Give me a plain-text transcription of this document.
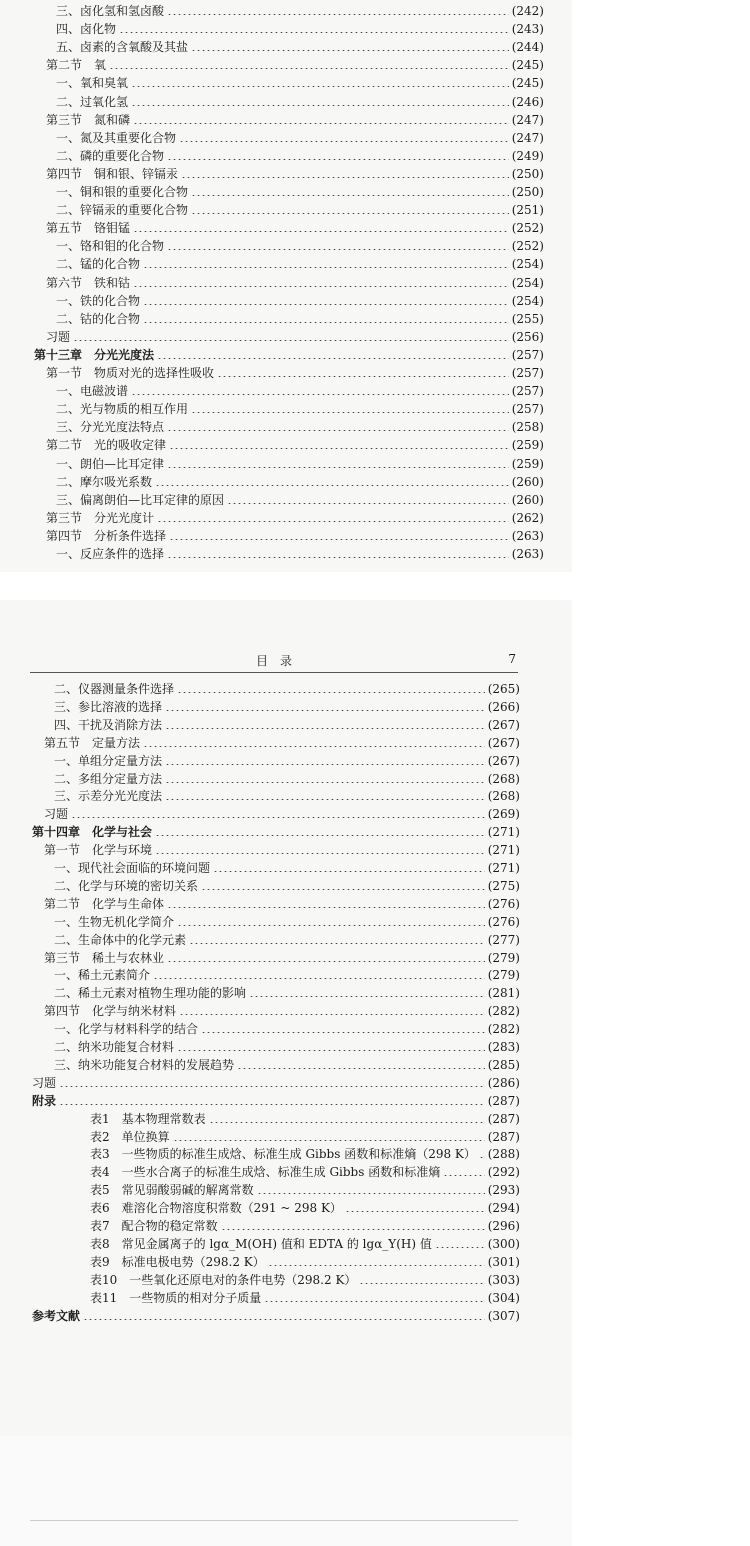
三、卤化氢和氢卤酸	(242)
四、卤化物	(243)
五、卤素的含氧酸及其盐	(244)
第二节　氧	(245)
一、氧和臭氧	(245)
二、过氧化氢	(246)
第三节　氮和磷	(247)
一、氮及其重要化合物	(247)
二、磷的重要化合物	(249)
第四节　铜和银、锌镉汞	(250)
一、铜和银的重要化合物	(250)
二、锌镉汞的重要化合物	(251)
第五节　铬钼锰	(252)
一、铬和钼的化合物	(252)
二、锰的化合物	(254)
第六节　铁和钴	(254)
一、铁的化合物	(254)
二、钴的化合物	(255)
习题	(256)
第十三章　分光光度法	(257)
第一节　物质对光的选择性吸收	(257)
一、电磁波谱	(257)
二、光与物质的相互作用	(257)
三、分光光度法特点	(258)
第二节　光的吸收定律	(259)
一、朗伯—比耳定律	(259)
二、摩尔吸光系数	(260)
三、偏离朗伯—比耳定律的原因	(260)
第三节　分光光度计	(262)
第四节　分析条件选择	(263)
一、反应条件的选择	(263)
目　录	7
二、仪器测量条件选择	(265)
三、参比溶液的选择	(266)
四、干扰及消除方法	(267)
第五节　定量方法	(267)
一、单组分定量方法	(267)
二、多组分定量方法	(268)
三、示差分光光度法	(268)
习题	(269)
第十四章　化学与社会	(271)
第一节　化学与环境	(271)
一、现代社会面临的环境问题	(271)
二、化学与环境的密切关系	(275)
第二节　化学与生命体	(276)
一、生物无机化学简介	(276)
二、生命体中的化学元素	(277)
第三节　稀土与农林业	(279)
一、稀土元素简介	(279)
二、稀土元素对植物生理功能的影响	(281)
第四节　化学与纳米材料	(282)
一、化学与材料科学的结合	(282)
二、纳米功能复合材料	(283)
三、纳米功能复合材料的发展趋势	(285)
习题	(286)
附录	(287)
表1　基本物理常数表	(287)
表2　单位换算	(287)
表3　一些物质的标准生成焓、标准生成 Gibbs 函数和标准熵（298 K） (288)
表4　一些水合离子的标准生成焓、标准生成 Gibbs 函数和标准熵	(292)
表5　常见弱酸弱碱的解离常数	(293)
表6　难溶化合物溶度积常数（291 ~ 298 K）	(294)
表7　配合物的稳定常数	(296)
表8　常见金属离子的 lgα_M(OH) 值和 EDTA 的 lgα_Y(H) 值	(300)
表9　标准电极电势（298.2 K）	(301)
表10　一些氧化还原电对的条件电势（298.2 K）	(303)
表11　一些物质的相对分子质量	(304)
参考文献	(307)
